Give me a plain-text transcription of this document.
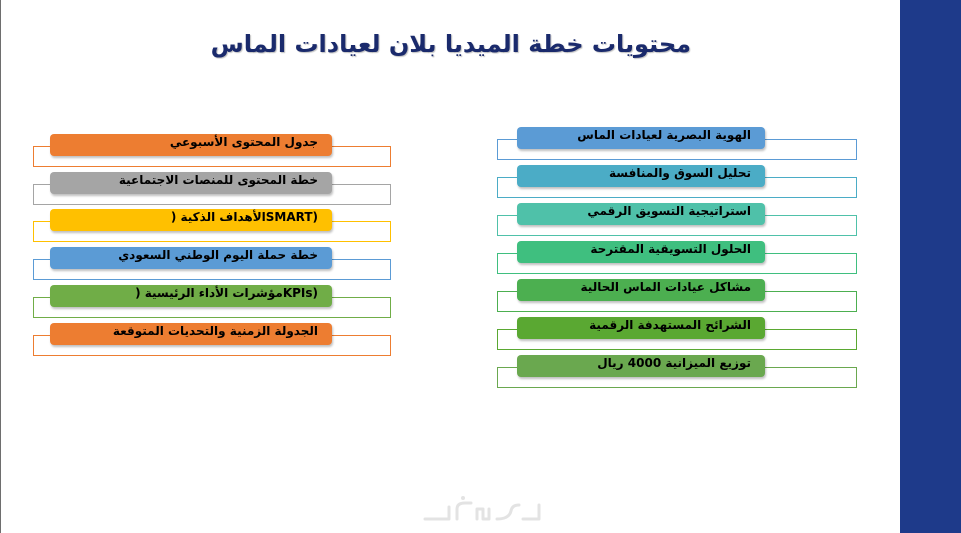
محتويات خطة الميديا بلان لعيادات الماس
جدول المحتوى الأسبوعي
خطة المحتوى للمنصات الاجتماعية
(SMARTالأهداف الذكية (
خطة حملة اليوم الوطني السعودي
(KPIsمؤشرات الأداء الرئيسية (
الجدولة الزمنية والتحديات المتوقعة
الهوية البصرية لعيادات الماس
تحليل السوق والمنافسة
استراتيجية التسويق الرقمي
الحلول التسويقية المقترحة
مشاكل عيادات الماس الحالية
الشرائح المستهدفة الرقمية
توزيع الميزانية 4000 ريال
